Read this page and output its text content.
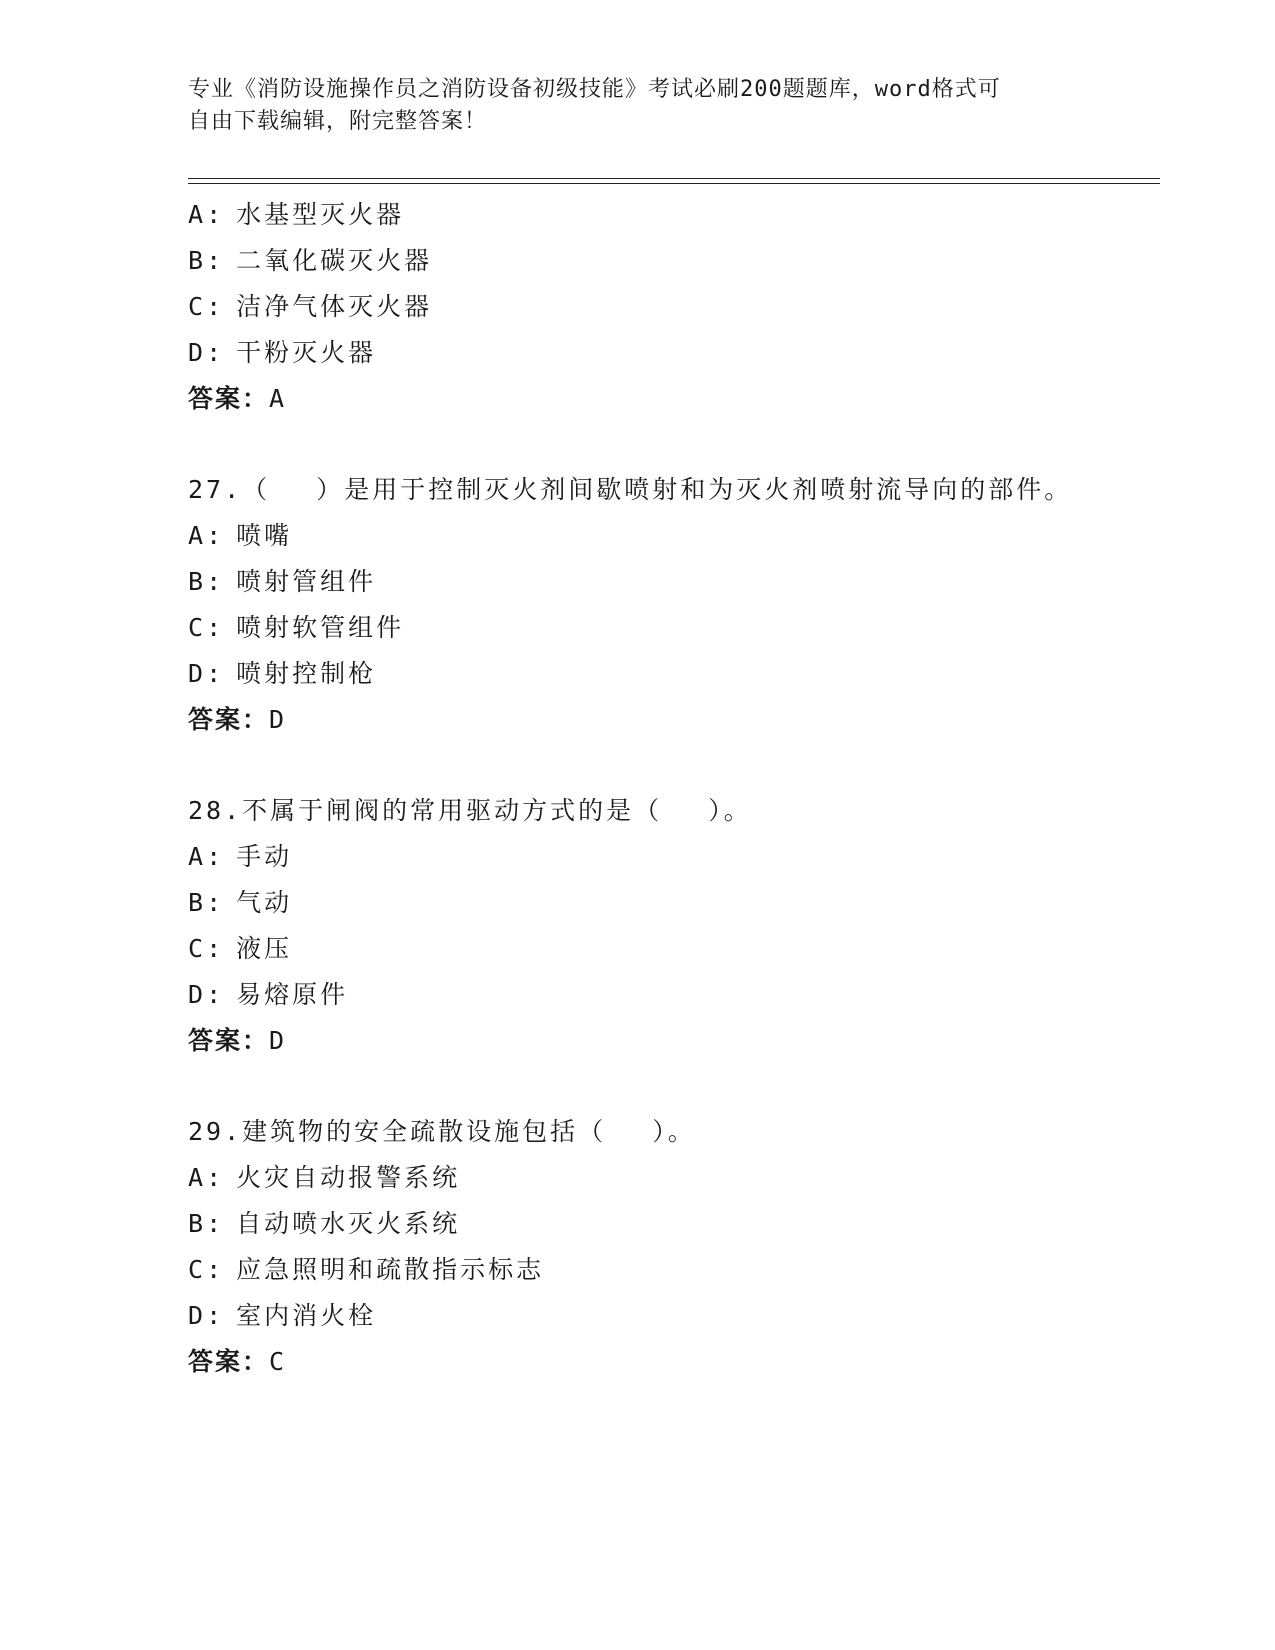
专业《消防设施操作员之消防设备初级技能》考试必刷200题题库，word格式可
自由下载编辑，附完整答案！
A: 水基型灭火器
B: 二氧化碳灭火器
C: 洁净气体灭火器
D: 干粉灭火器
答案：A
27.（　 ）是用于控制灭火剂间歇喷射和为灭火剂喷射流导向的部件。
A: 喷嘴
B: 喷射管组件
C: 喷射软管组件
D: 喷射控制枪
答案：D
28.不属于闸阀的常用驱动方式的是（　 ）。
A: 手动
B: 气动
C: 液压
D: 易熔原件
答案：D
29.建筑物的安全疏散设施包括（　 ）。
A: 火灾自动报警系统
B: 自动喷水灭火系统
C: 应急照明和疏散指示标志
D: 室内消火栓
答案：C
